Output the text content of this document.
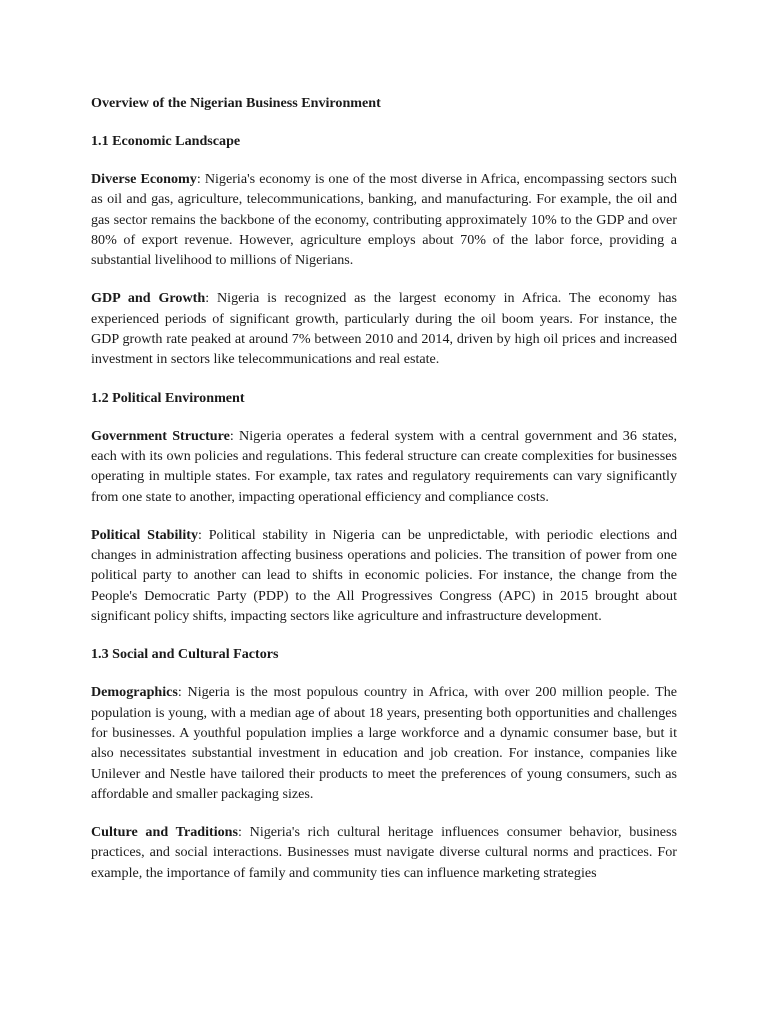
Overview of the Nigerian Business Environment
1.1 Economic Landscape

Diverse Economy: Nigeria's economy is one of the most diverse in Africa, encompassing sectors such as oil and gas, agriculture, telecommunications, banking, and manufacturing. For example, the oil and gas sector remains the backbone of the economy, contributing approximately 10% to the GDP and over 80% of export revenue. However, agriculture employs about 70% of the labor force, providing a substantial livelihood to millions of Nigerians.

GDP and Growth: Nigeria is recognized as the largest economy in Africa. The economy has experienced periods of significant growth, particularly during the oil boom years. For instance, the GDP growth rate peaked at around 7% between 2010 and 2014, driven by high oil prices and increased investment in sectors like telecommunications and real estate.

1.2 Political Environment

Government Structure: Nigeria operates a federal system with a central government and 36 states, each with its own policies and regulations. This federal structure can create complexities for businesses operating in multiple states. For example, tax rates and regulatory requirements can vary significantly from one state to another, impacting operational efficiency and compliance costs.

Political Stability: Political stability in Nigeria can be unpredictable, with periodic elections and changes in administration affecting business operations and policies. The transition of power from one political party to another can lead to shifts in economic policies. For instance, the change from the People's Democratic Party (PDP) to the All Progressives Congress (APC) in 2015 brought about significant policy shifts, impacting sectors like agriculture and infrastructure development.

1.3 Social and Cultural Factors

Demographics: Nigeria is the most populous country in Africa, with over 200 million people. The population is young, with a median age of about 18 years, presenting both opportunities and challenges for businesses. A youthful population implies a large workforce and a dynamic consumer base, but it also necessitates substantial investment in education and job creation. For instance, companies like Unilever and Nestle have tailored their products to meet the preferences of young consumers, such as affordable and smaller packaging sizes.

Culture and Traditions: Nigeria's rich cultural heritage influences consumer behavior, business practices, and social interactions. Businesses must navigate diverse cultural norms and practices. For example, the importance of family and community ties can influence marketing strategies
